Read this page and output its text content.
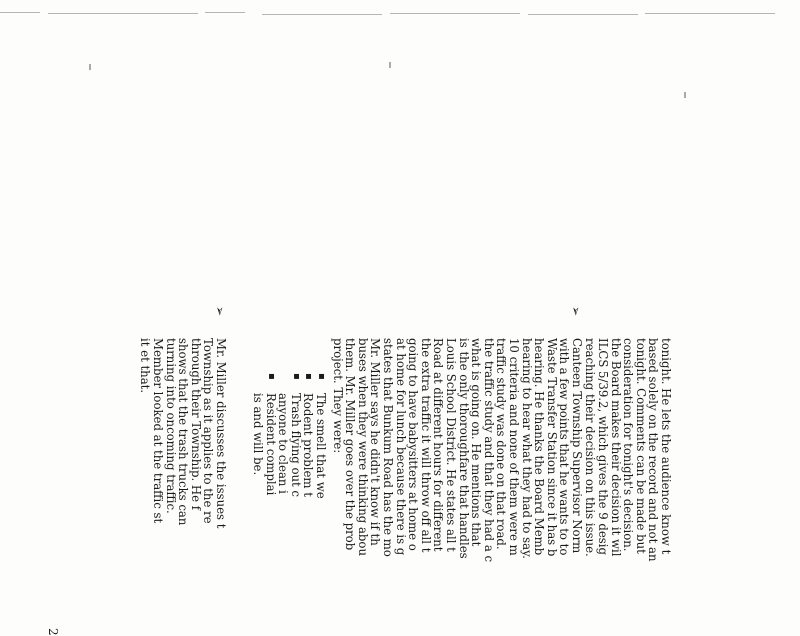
tonight. He lets the audience know t
based solely on the record and not an
tonight. Comments can be made but
consideration for tonight's decision.
the Board makes their decision it wil
ILCS 5/39.2, which gives the 9 desig
reaching their decision on this issue.
➢
Canteen Township Supervisor Norm
with a few points that he wants to to
Waste Transfer Station since it has b
hearing. He thanks the Board Memb
hearing to hear what they had to say.
10 criteria and none of them were m
traffic study was done on that road.
the traffic study and that they had a c
what is going on. He mentions that
is the only thoroughfare that handles
Louis School District. He states all t
Road at different hours for different
the extra traffic it will throw off all t
going to have babysitters at home o
at home for lunch because there is g
states that Bunkum Road has the mo
Mr. Miller says he didn't know if th
buses when they were thinking abou
them. Mr. Miller goes over the prob
project. They were:
▪ The smell that we
▪ Rodent problem t
▪ Trash flying out c
anyone to clean i
▪ Resident complai
is and will be.
➢
Mr. Miller discusses the issues t
Township as it applies to the re
through their Township. He f
shows that the trash trucks can
turning into oncoming traffic.
Member looked at the traffic st
it et that.
2
